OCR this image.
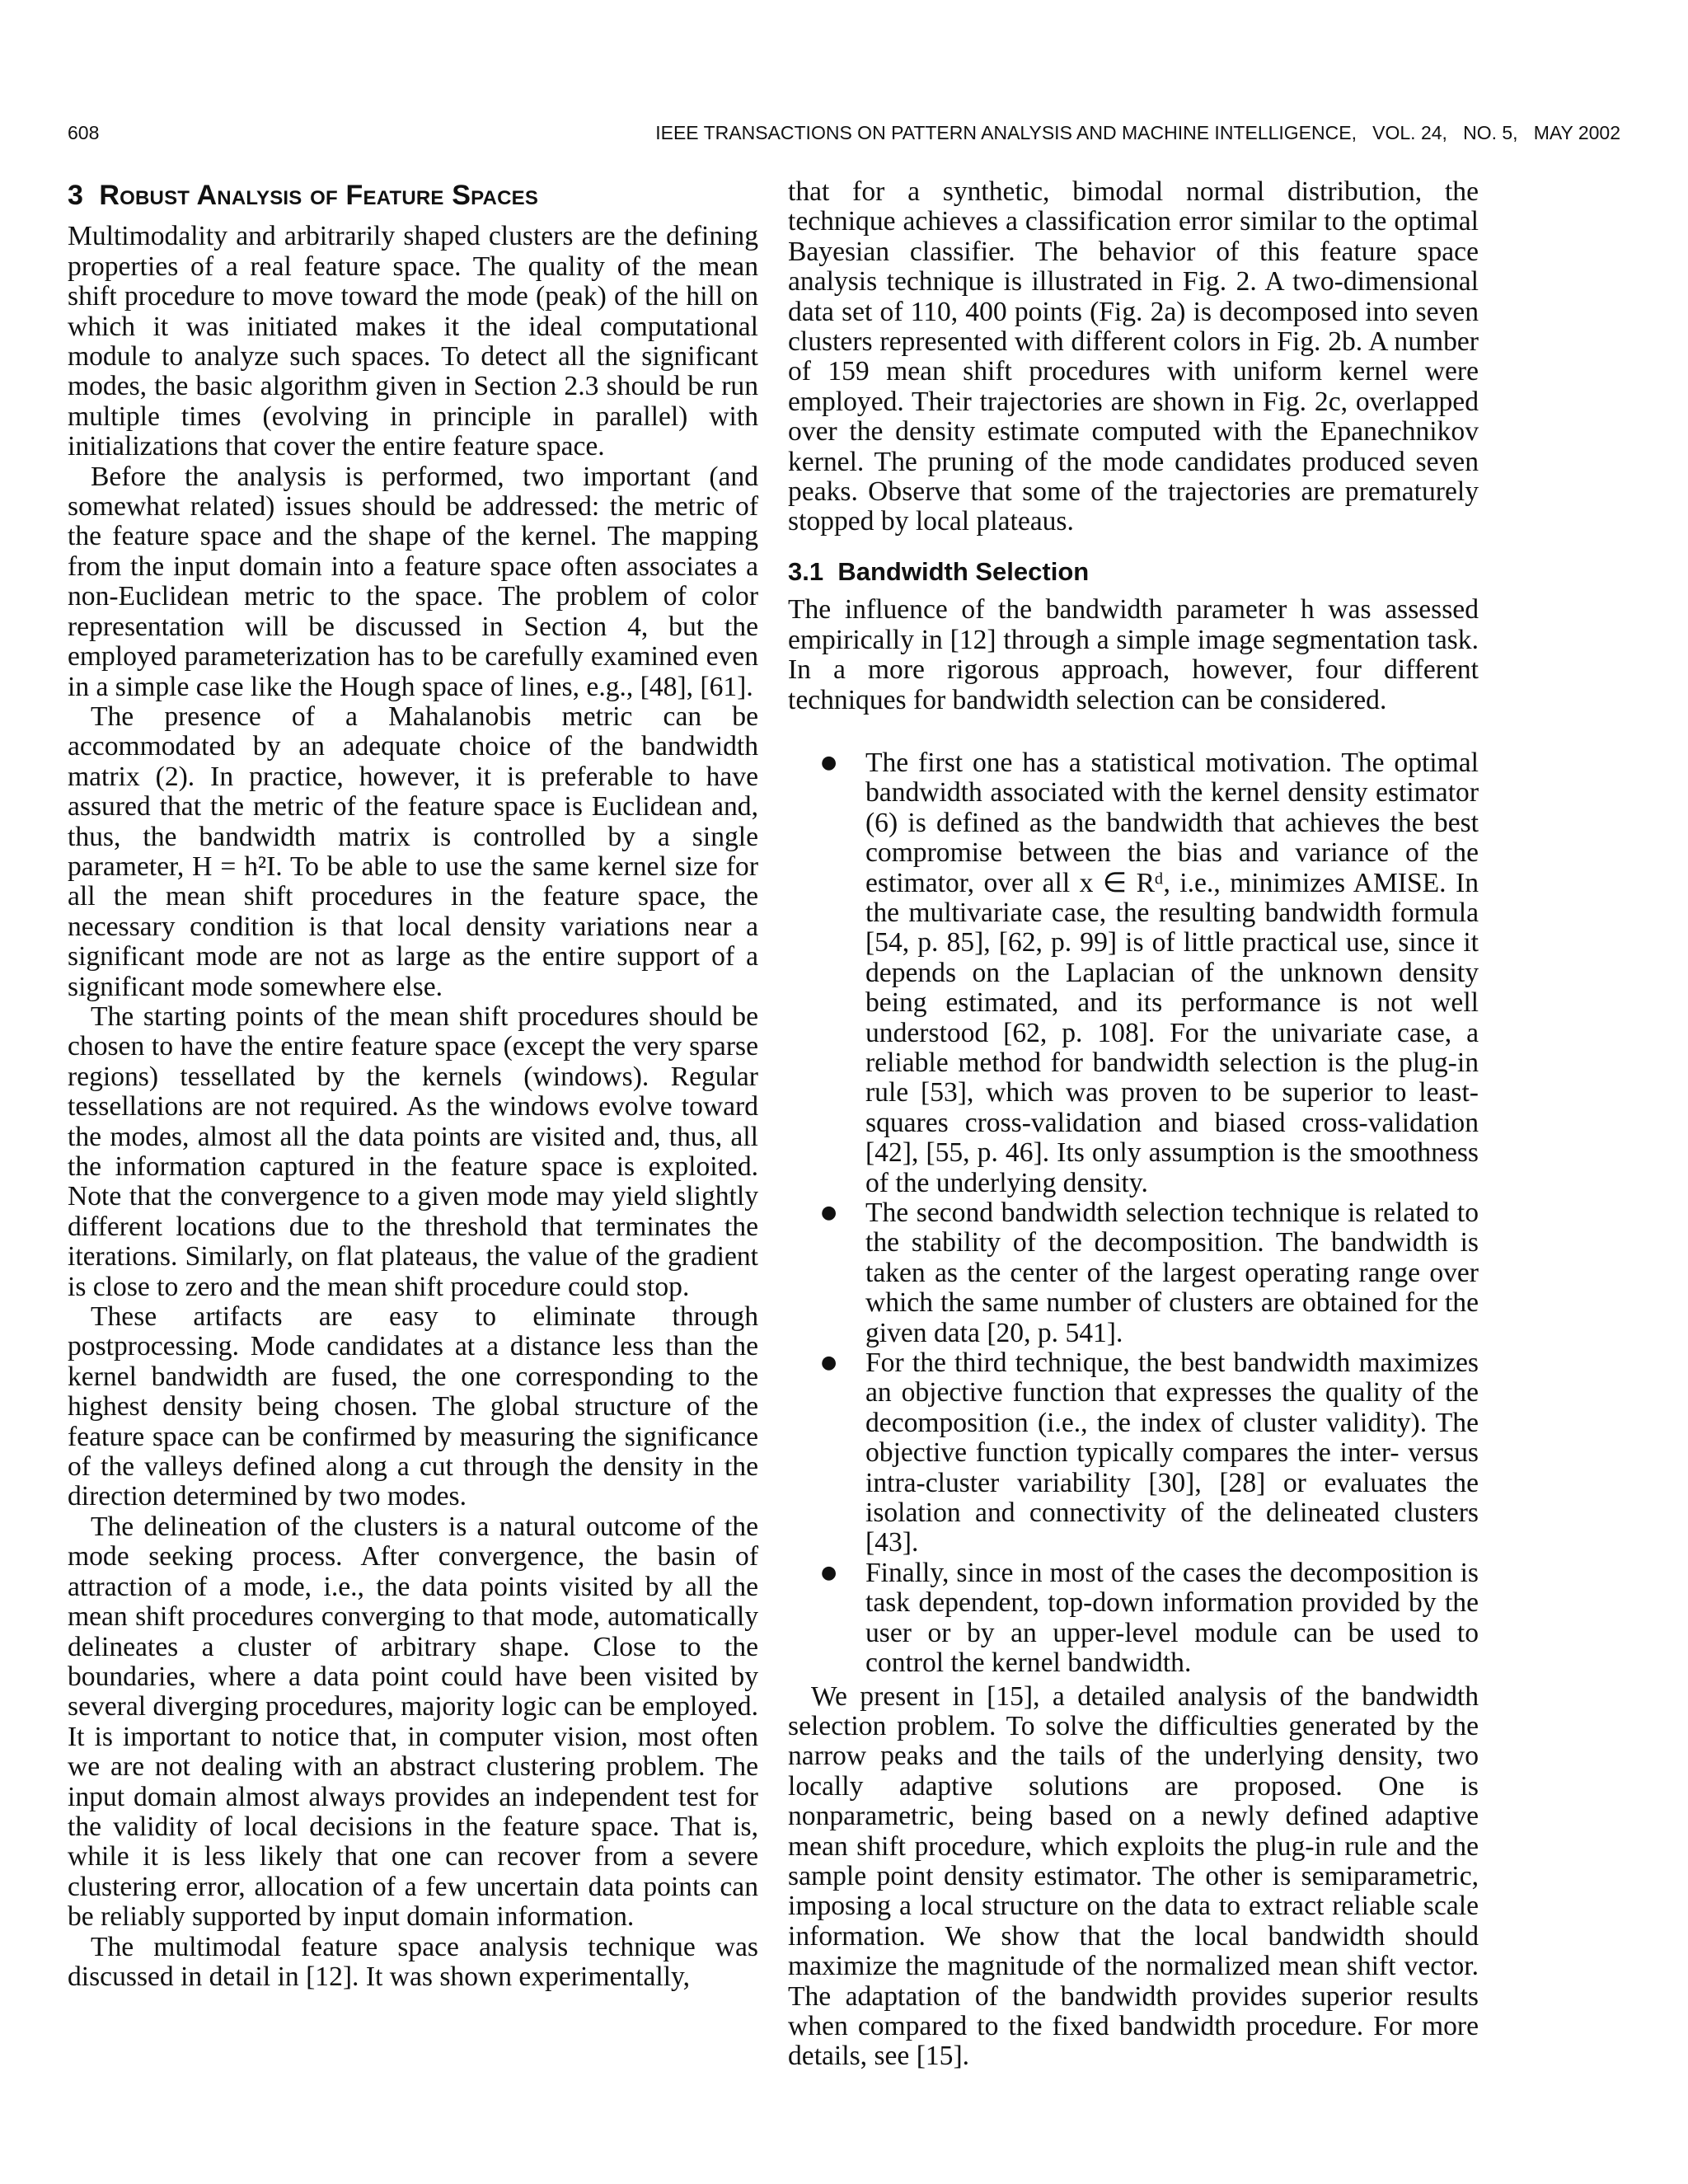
608	IEEE TRANSACTIONS ON PATTERN ANALYSIS AND MACHINE INTELLIGENCE,   VOL. 24,   NO. 5,   MAY 2002
3 Robust Analysis of Feature Spaces

Multimodality and arbitrarily shaped clusters are the defining properties of a real feature space. The quality of the mean shift procedure to move toward the mode (peak) of the hill on which it was initiated makes it the ideal computational module to analyze such spaces. To detect all the significant modes, the basic algorithm given in Section 2.3 should be run multiple times (evolving in principle in parallel) with initializations that cover the entire feature space.

Before the analysis is performed, two important (and somewhat related) issues should be addressed: the metric of the feature space and the shape of the kernel. The mapping from the input domain into a feature space often associates a non-Euclidean metric to the space. The problem of color representation will be discussed in Section 4, but the employed parameterization has to be carefully examined even in a simple case like the Hough space of lines, e.g., [48], [61].

The presence of a Mahalanobis metric can be accommodated by an adequate choice of the bandwidth matrix (2). In practice, however, it is preferable to have assured that the metric of the feature space is Euclidean and, thus, the bandwidth matrix is controlled by a single parameter, H = h²I. To be able to use the same kernel size for all the mean shift procedures in the feature space, the necessary condition is that local density variations near a significant mode are not as large as the entire support of a significant mode somewhere else.

The starting points of the mean shift procedures should be chosen to have the entire feature space (except the very sparse regions) tessellated by the kernels (windows). Regular tessellations are not required. As the windows evolve toward the modes, almost all the data points are visited and, thus, all the information captured in the feature space is exploited. Note that the convergence to a given mode may yield slightly different locations due to the threshold that terminates the iterations. Similarly, on flat plateaus, the value of the gradient is close to zero and the mean shift procedure could stop.

These artifacts are easy to eliminate through postprocessing. Mode candidates at a distance less than the kernel bandwidth are fused, the one corresponding to the highest density being chosen. The global structure of the feature space can be confirmed by measuring the significance of the valleys defined along a cut through the density in the direction determined by two modes.

The delineation of the clusters is a natural outcome of the mode seeking process. After convergence, the basin of attraction of a mode, i.e., the data points visited by all the mean shift procedures converging to that mode, automatically delineates a cluster of arbitrary shape. Close to the boundaries, where a data point could have been visited by several diverging procedures, majority logic can be employed. It is important to notice that, in computer vision, most often we are not dealing with an abstract clustering problem. The input domain almost always provides an independent test for the validity of local decisions in the feature space. That is, while it is less likely that one can recover from a severe clustering error, allocation of a few uncertain data points can be reliably supported by input domain information.

The multimodal feature space analysis technique was discussed in detail in [12]. It was shown experimentally,

that for a synthetic, bimodal normal distribution, the technique achieves a classification error similar to the optimal Bayesian classifier. The behavior of this feature space analysis technique is illustrated in Fig. 2. A two-dimensional data set of 110, 400 points (Fig. 2a) is decomposed into seven clusters represented with different colors in Fig. 2b. A number of 159 mean shift procedures with uniform kernel were employed. Their trajectories are shown in Fig. 2c, overlapped over the density estimate computed with the Epanechnikov kernel. The pruning of the mode candidates produced seven peaks. Observe that some of the trajectories are prematurely stopped by local plateaus.

3.1 Bandwidth Selection

The influence of the bandwidth parameter h was assessed empirically in [12] through a simple image segmentation task. In a more rigorous approach, however, four different techniques for bandwidth selection can be considered.

● The first one has a statistical motivation. The optimal bandwidth associated with the kernel density estimator (6) is defined as the bandwidth that achieves the best compromise between the bias and variance of the estimator, over all x ∈ Rᵈ, i.e., minimizes AMISE. In the multivariate case, the resulting bandwidth formula [54, p. 85], [62, p. 99] is of little practical use, since it depends on the Laplacian of the unknown density being estimated, and its performance is not well understood [62, p. 108]. For the univariate case, a reliable method for bandwidth selection is the plug-in rule [53], which was proven to be superior to least-squares cross-validation and biased cross-validation [42], [55, p. 46]. Its only assumption is the smoothness of the underlying density.
● The second bandwidth selection technique is related to the stability of the decomposition. The bandwidth is taken as the center of the largest operating range over which the same number of clusters are obtained for the given data [20, p. 541].
● For the third technique, the best bandwidth maximizes an objective function that expresses the quality of the decomposition (i.e., the index of cluster validity). The objective function typically compares the inter- versus intra-cluster variability [30], [28] or evaluates the isolation and connectivity of the delineated clusters [43].
● Finally, since in most of the cases the decomposition is task dependent, top-down information provided by the user or by an upper-level module can be used to control the kernel bandwidth.

We present in [15], a detailed analysis of the bandwidth selection problem. To solve the difficulties generated by the narrow peaks and the tails of the underlying density, two locally adaptive solutions are proposed. One is nonparametric, being based on a newly defined adaptive mean shift procedure, which exploits the plug-in rule and the sample point density estimator. The other is semiparametric, imposing a local structure on the data to extract reliable scale information. We show that the local bandwidth should maximize the magnitude of the normalized mean shift vector. The adaptation of the bandwidth provides superior results when compared to the fixed bandwidth procedure. For more details, see [15].
